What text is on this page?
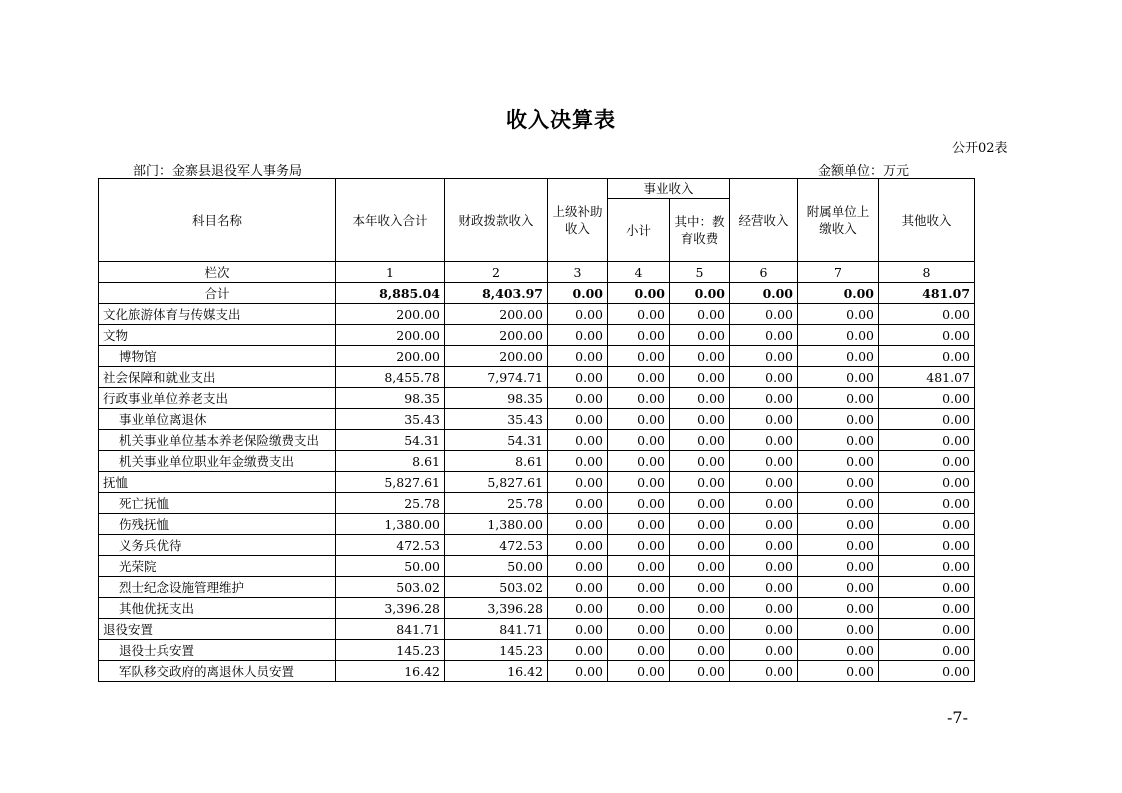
收入决算表
公开02表
部门：金寨县退役军人事务局	金额单位：万元
科目名称	本年收入合计	财政拨款收入	上级补助收入	事业收入		经营收入	附属单位上缴收入	其他收入
				小计	其中：教育收费			
栏次	1	2	3	4	5	6	7	8
合计	8,885.04	8,403.97	0.00	0.00	0.00	0.00	0.00	481.07
文化旅游体育与传媒支出	200.00	200.00	0.00	0.00	0.00	0.00	0.00	0.00
文物	200.00	200.00	0.00	0.00	0.00	0.00	0.00	0.00
博物馆	200.00	200.00	0.00	0.00	0.00	0.00	0.00	0.00
社会保障和就业支出	8,455.78	7,974.71	0.00	0.00	0.00	0.00	0.00	481.07
行政事业单位养老支出	98.35	98.35	0.00	0.00	0.00	0.00	0.00	0.00
事业单位离退休	35.43	35.43	0.00	0.00	0.00	0.00	0.00	0.00
机关事业单位基本养老保险缴费支出	54.31	54.31	0.00	0.00	0.00	0.00	0.00	0.00
机关事业单位职业年金缴费支出	8.61	8.61	0.00	0.00	0.00	0.00	0.00	0.00
抚恤	5,827.61	5,827.61	0.00	0.00	0.00	0.00	0.00	0.00
死亡抚恤	25.78	25.78	0.00	0.00	0.00	0.00	0.00	0.00
伤残抚恤	1,380.00	1,380.00	0.00	0.00	0.00	0.00	0.00	0.00
义务兵优待	472.53	472.53	0.00	0.00	0.00	0.00	0.00	0.00
光荣院	50.00	50.00	0.00	0.00	0.00	0.00	0.00	0.00
烈士纪念设施管理维护	503.02	503.02	0.00	0.00	0.00	0.00	0.00	0.00
其他优抚支出	3,396.28	3,396.28	0.00	0.00	0.00	0.00	0.00	0.00
退役安置	841.71	841.71	0.00	0.00	0.00	0.00	0.00	0.00
退役士兵安置	145.23	145.23	0.00	0.00	0.00	0.00	0.00	0.00
军队移交政府的离退休人员安置	16.42	16.42	0.00	0.00	0.00	0.00	0.00	0.00
-7-
